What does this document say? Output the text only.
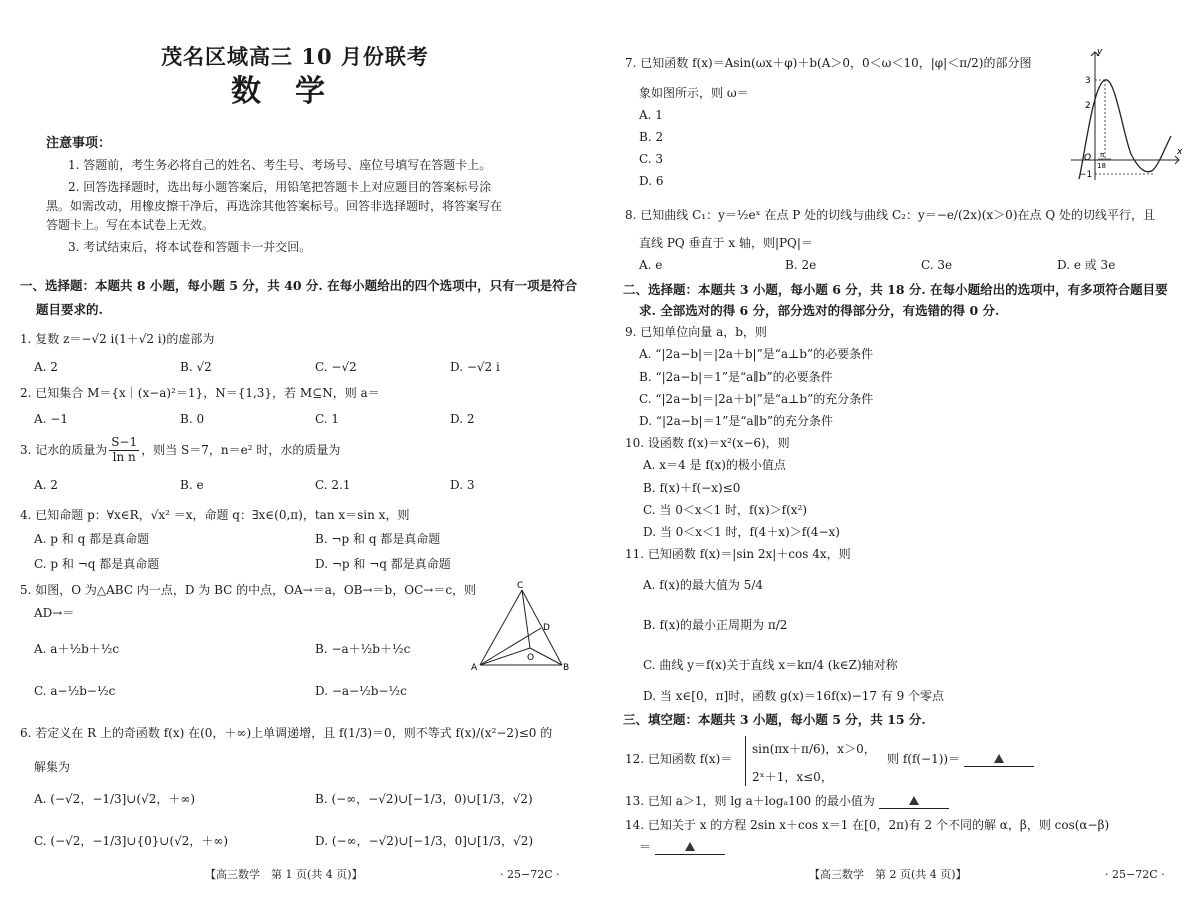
茂名区域高三 10 月份联考
数学
注意事项：
1. 答题前，考生务必将自己的姓名、考生号、考场号、座位号填写在答题卡上。
2. 回答选择题时，选出每小题答案后，用铅笔把答题卡上对应题目的答案标号涂
黑。如需改动，用橡皮擦干净后，再选涂其他答案标号。回答非选择题时，将答案写在
答题卡上。写在本试卷上无效。
3. 考试结束后，将本试卷和答题卡一并交回。
一、选择题：本题共 8 小题，每小题 5 分，共 40 分. 在每小题给出的四个选项中，只有一项是符合
题目要求的.
1. 复数 z＝−√2 i(1＋√2 i)的虚部为
A. 2	B. √2	C. −√2	D. −√2 i
2. 已知集合 M＝{x｜(x−a)²＝1}，N＝{1,3}，若 M⊆N，则 a＝
A. −1	B. 0	C. 1	D. 2
3. 记水的质量为 $\frac{S-1}{\text{ln n}}$ ，则当 S＝7，n＝e² 时，水的质量为
A. 2	B. e	C. 2.1	D. 3
4. 已知命题 p：∀x∈R，√x² ＝x，命题 q：∃x∈(0,π)，tan x＝sin x，则
A. p 和 q 都是真命题	B. ¬p 和 q 都是真命题
C. p 和 ¬q 都是真命题	D. ¬p 和 ¬q 都是真命题
5. 如图，O 为△ABC 内一点，D 为 BC 的中点，OA→＝a，OB→＝b，OC→＝c，则
AD→＝
A. a＋½b＋½c	B. −a＋½b＋½c
C. a−½b−½c	D. −a−½b−½c
C
A	B
D
O
6. 若定义在 R 上的奇函数 f(x) 在(0，＋∞)上单调递增，且 f(1/3)＝0，则不等式 f(x)/(x²−2)≤0 的
解集为
A. (−√2，−1/3]∪(√2，＋∞)	B. (−∞，−√2)∪[−1/3，0)∪[1/3，√2)
C. (−√2，−1/3]∪{0}∪(√2，＋∞)	D. (−∞，−√2)∪[−1/3，0]∪[1/3，√2)
【高三数学　第 1 页(共 4 页)】	· 25−72C ·
7. 已知函数 f(x)＝Asin(ωx＋φ)＋b(A＞0，0＜ω＜10，|φ|＜π/2)的部分图
象如图所示，则 ω＝
A. 1
B. 2
C. 3
D. 6
y
x
O
3
2
−1
π
18
8. 已知曲线 C₁：y＝½eˣ 在点 P 处的切线与曲线 C₂：y＝−e/(2x)(x＞0)在点 Q 处的切线平行，且
直线 PQ 垂直于 x 轴，则|PQ|＝
A. e	B. 2e	C. 3e	D. e 或 3e
二、选择题：本题共 3 小题，每小题 6 分，共 18 分. 在每小题给出的选项中，有多项符合题目要
求. 全部选对的得 6 分，部分选对的得部分分，有选错的得 0 分.
9. 已知单位向量 a，b，则
A. “|2a−b|＝|2a＋b|”是“a⊥b”的必要条件
B. “|2a−b|＝1”是“a∥b”的必要条件
C. “|2a−b|＝|2a＋b|”是“a⊥b”的充分条件
D. “|2a−b|＝1”是“a∥b”的充分条件
10. 设函数 f(x)＝x²(x−6)，则
A. x＝4 是 f(x)的极小值点
B. f(x)＋f(−x)≤0
C. 当 0＜x＜1 时，f(x)＞f(x²)
D. 当 0＜x＜1 时，f(4＋x)＞f(4−x)
11. 已知函数 f(x)＝|sin 2x|＋cos 4x，则
A. f(x)的最大值为 5/4
B. f(x)的最小正周期为 π/2
C. 曲线 y＝f(x)关于直线 x＝kπ/4 (k∈Z)轴对称
D. 当 x∈[0，π]时，函数 g(x)＝16f(x)−17 有 9 个零点
三、填空题：本题共 3 小题，每小题 5 分，共 15 分.
12. 已知函数 f(x)＝
sin(πx＋π/6)，x＞0，
2ˣ＋1，x≤0，
则 f(f(−1))＝
13. 已知 a＞1，则 lg a＋logₐ100 的最小值为
14. 已知关于 x 的方程 2sin x＋cos x＝1 在[0，2π)有 2 个不同的解 α，β，则 cos(α−β)
＝
【高三数学　第 2 页(共 4 页)】	· 25−72C ·
